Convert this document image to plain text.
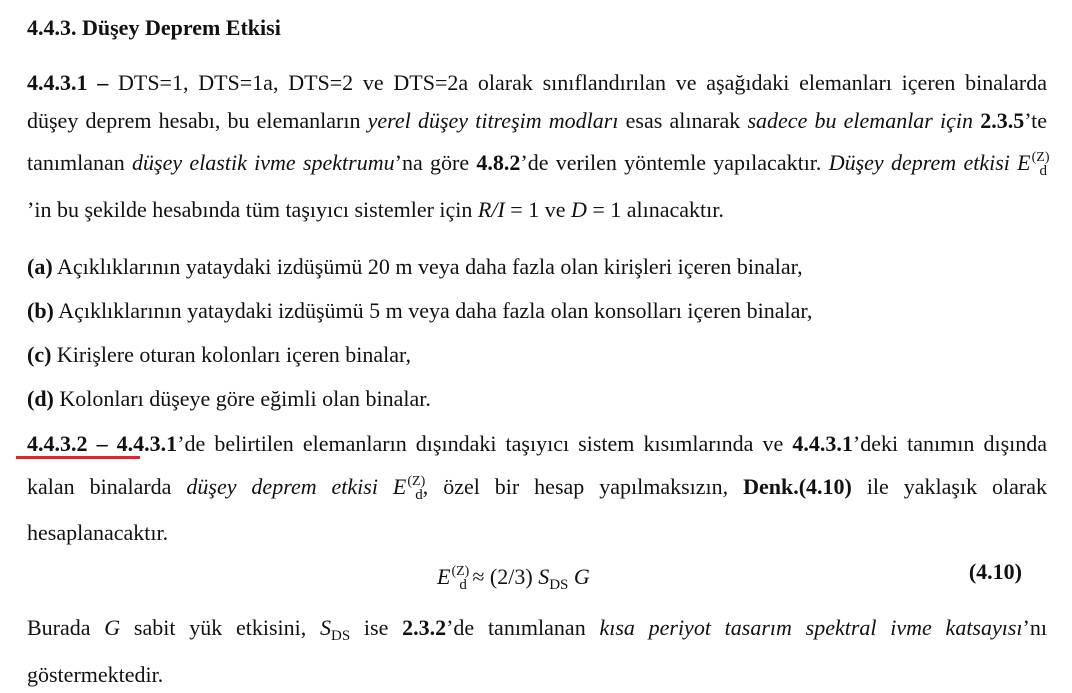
4.4.3. Düşey Deprem Etkisi
4.4.3.1 – DTS=1, DTS=1a, DTS=2 ve DTS=2a olarak sınıflandırılan ve aşağıdaki elemanları içeren binalarda düşey deprem hesabı, bu elemanların yerel düşey titreşim modları esas alınarak sadece bu elemanlar için 2.3.5’te tanımlanan düşey elastik ivme spektrumu’na göre 4.8.2’de verilen yöntemle yapılacaktır. Düşey deprem etkisi $E^{(Z)}_d$ ’in bu şekilde hesabında tüm taşıyıcı sistemler için R/I = 1 ve D = 1 alınacaktır.
(a) Açıklıklarının yataydaki izdüşümü 20 m veya daha fazla olan kirişleri içeren binalar,
(b) Açıklıklarının yataydaki izdüşümü 5 m veya daha fazla olan konsolları içeren binalar,
(c) Kirişlere oturan kolonları içeren binalar,
(d) Kolonları düşeye göre eğimli olan binalar.
4.4.3.2 – 4.4.3.1’de belirtilen elemanların dışındaki taşıyıcı sistem kısımlarında ve 4.4.3.1’deki tanımın dışında kalan binalarda düşey deprem etkisi $E^{(Z)}_d$, özel bir hesap yapılmaksızın, Denk.(4.10) ile yaklaşık olarak hesaplanacaktır.
$E^{(Z)}_d \approx (2/3)$ $S_{DS}$ G	(4.10)
Burada G sabit yük etkisini, $S_{DS}$ ise 2.3.2’de tanımlanan kısa periyot tasarım spektral ivme katsayısı’nı göstermektedir.
